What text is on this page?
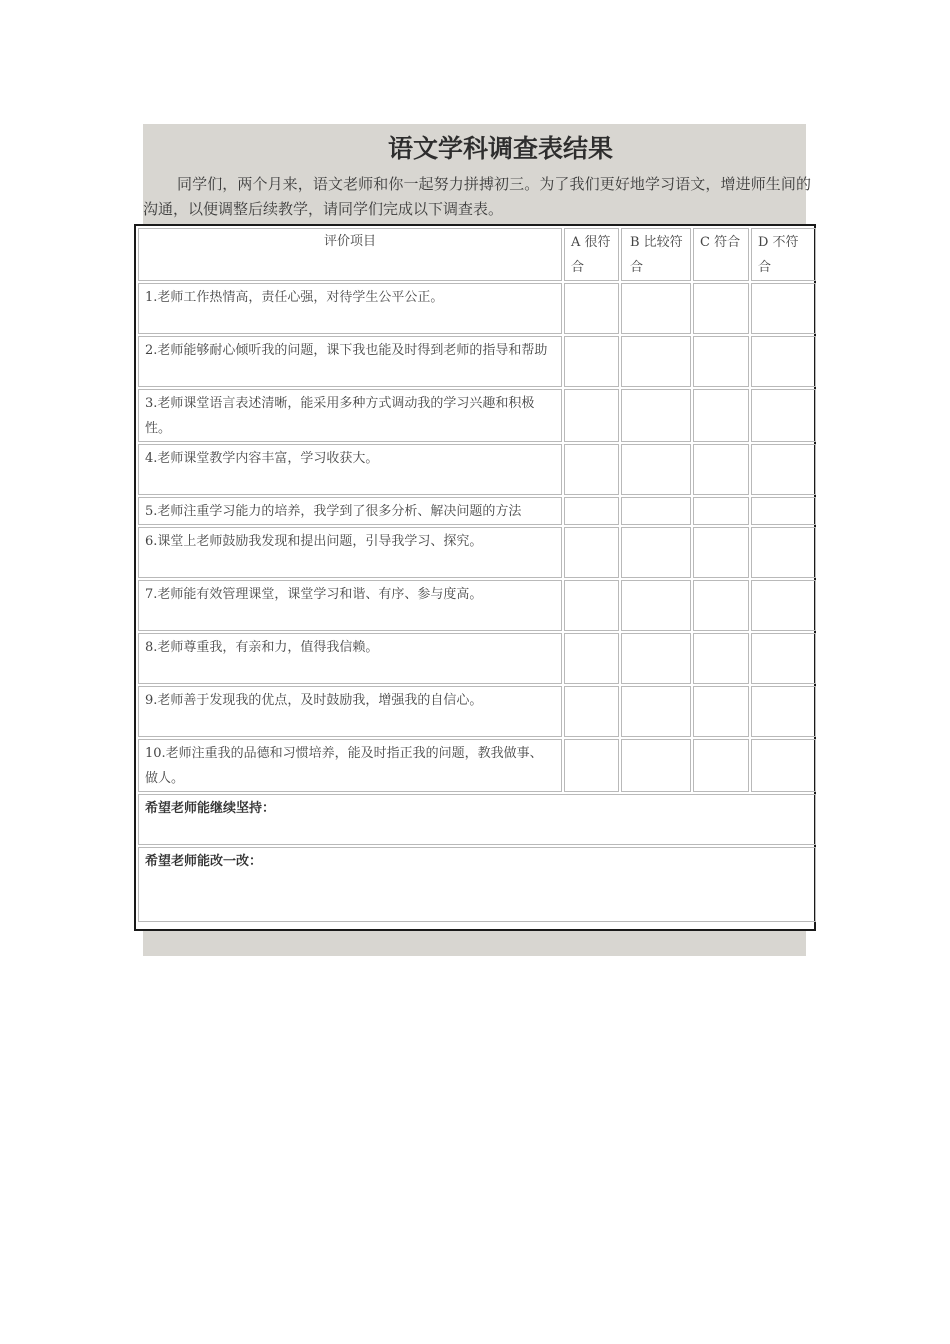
语文学科调查表结果

同学们，两个月来，语文老师和你一起努力拼搏初三。为了我们更好地学习语文，增进师生间的沟通，以便调整后续教学，请同学们完成以下调查表。

评价项目	A 很符合	B 比较符合	C 符合	D 不符合
1.老师工作热情高，责任心强，对待学生公平公正。				
2.老师能够耐心倾听我的问题，课下我也能及时得到老师的指导和帮助				
3.老师课堂语言表述清晰，能采用多种方式调动我的学习兴趣和积极性。				
4.老师课堂教学内容丰富，学习收获大。				
5.老师注重学习能力的培养，我学到了很多分析、解决问题的方法				
6.课堂上老师鼓励我发现和提出问题，引导我学习、探究。				
7.老师能有效管理课堂，课堂学习和谐、有序、参与度高。				
8.老师尊重我，有亲和力，值得我信赖。				
9.老师善于发现我的优点，及时鼓励我，增强我的自信心。				
10.老师注重我的品德和习惯培养，能及时指正我的问题，教我做事、做人。				
希望老师能继续坚持：				
希望老师能改一改：				
